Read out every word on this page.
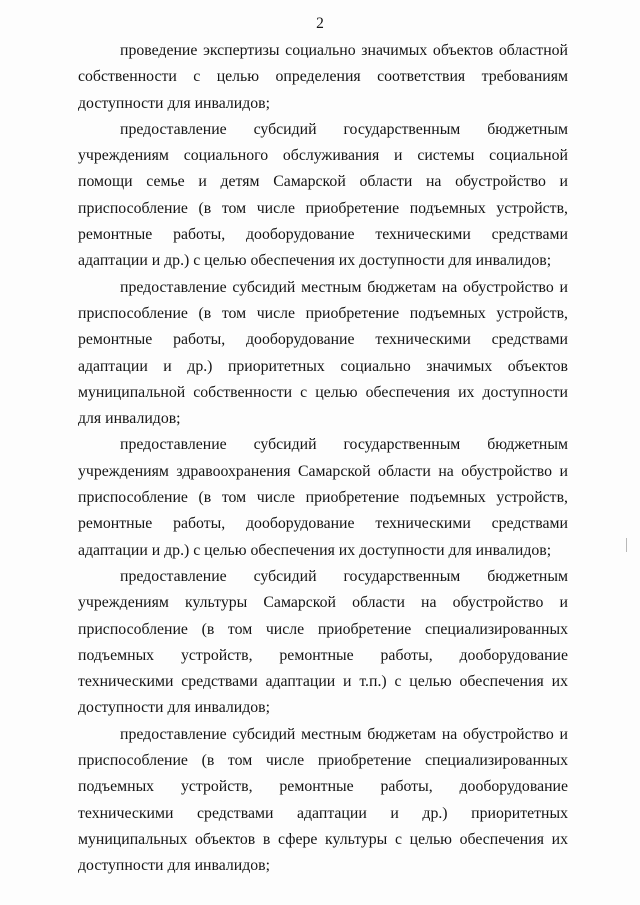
2

проведение экспертизы социально значимых объектов областной собственности с целью определения соответствия требованиям доступности для инвалидов;

предоставление субсидий государственным бюджетным учреждениям социального обслуживания и системы социальной помощи семье и детям Самарской области на обустройство и приспособление (в том числе приобретение подъемных устройств, ремонтные работы, дооборудование техническими средствами адаптации и др.) с целью обеспечения их доступности для инвалидов;

предоставление субсидий местным бюджетам на обустройство и приспособление (в том числе приобретение подъемных устройств, ремонтные работы, дооборудование техническими средствами адаптации и др.) приоритетных социально значимых объектов муниципальной собственности с целью обеспечения их доступности для инвалидов;

предоставление субсидий государственным бюджетным учреждениям здравоохранения Самарской области на обустройство и приспособление (в том числе приобретение подъемных устройств, ремонтные работы, дооборудование техническими средствами адаптации и др.) с целью обеспечения их доступности для инвалидов;

предоставление субсидий государственным бюджетным учреждениям культуры Самарской области на обустройство и приспособление (в том числе приобретение специализированных подъемных устройств, ремонтные работы, дооборудование техническими средствами адаптации и т.п.) с целью обеспечения их доступности для инвалидов;

предоставление субсидий местным бюджетам на обустройство и приспособление (в том числе приобретение специализированных подъемных устройств, ремонтные работы, дооборудование техническими средствами адаптации и др.) приоритетных муниципальных объектов в сфере культуры с целью обеспечения их доступности для инвалидов;
